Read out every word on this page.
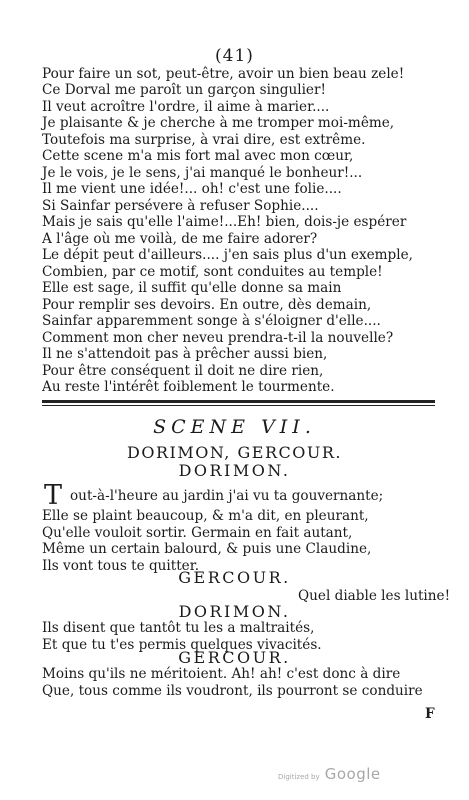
(41)
Pour faire un sot, peut-être, avoir un bien beau zele!
Ce Dorval me paroît un garçon singulier!
Il veut acroître l'ordre, il aime à marier....
Je plaisante & je cherche à me tromper moi-même,
Toutefois ma surprise, à vrai dire, est extrême.
Cette scene m'a mis fort mal avec mon cœur,
Je le vois, je le sens, j'ai manqué le bonheur!...
Il me vient une idée!... oh! c'est une folie....
Si Sainfar persévere à refuser Sophie....
Mais je sais qu'elle l'aime!...Eh! bien, dois-je espérer
A l'âge où me voilà, de me faire adorer?
Le dépit peut d'ailleurs.... j'en sais plus d'un exemple,
Combien, par ce motif, sont conduites au temple!
Elle est sage, il suffit qu'elle donne sa main
Pour remplir ses devoirs. En outre, dès demain,
Sainfar apparemment songe à s'éloigner d'elle....
Comment mon cher neveu prendra-t-il la nouvelle?
Il ne s'attendoit pas à prêcher aussi bien,
Pour être conséquent il doit ne dire rien,
Au reste l'intérêt foiblement le tourmente.
SCENE VII.
DORIMON, GERCOUR.
DORIMON.
T out-à-l'heure au jardin j'ai vu ta gouvernante;
Elle se plaint beaucoup, & m'a dit, en pleurant,
Qu'elle vouloit sortir. Germain en fait autant,
Même un certain balourd, & puis une Claudine,
Ils vont tous te quitter.
GERCOUR.
Quel diable les lutine!
DORIMON.
Ils disent que tantôt tu les a maltraités,
Et que tu t'es permis quelques vivacités.
GERCOUR.
Moins qu'ils ne méritoient. Ah! ah! c'est donc à dire
Que, tous comme ils voudront, ils pourront se conduire
F
Digitized by Google
